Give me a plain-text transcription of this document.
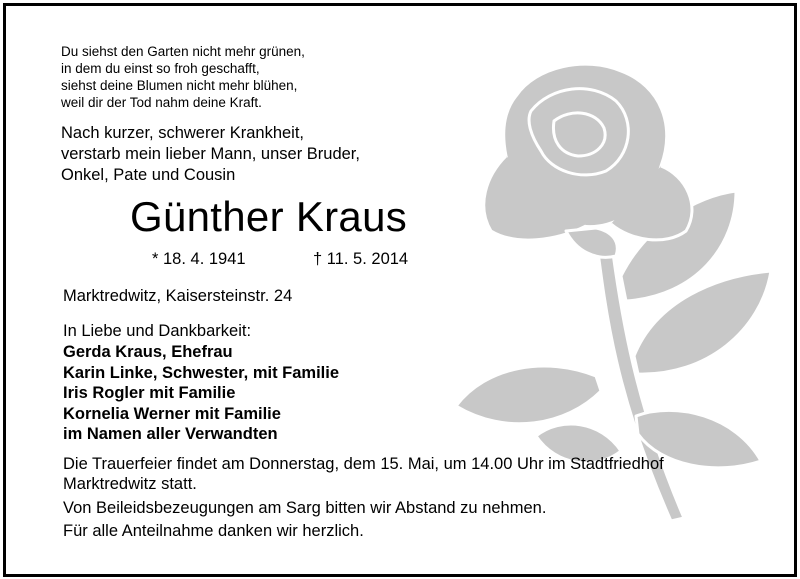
Du siehst den Garten nicht mehr grünen,
in dem du einst so froh geschafft,
siehst deine Blumen nicht mehr blühen,
weil dir der Tod nahm deine Kraft.
Nach kurzer, schwerer Krankheit,
verstarb mein lieber Mann, unser Bruder,
Onkel, Pate und Cousin
Günther Kraus
* 18. 4. 1941	† 11. 5. 2014
Marktredwitz, Kaisersteinstr. 24
In Liebe und Dankbarkeit:
Gerda Kraus, Ehefrau
Karin Linke, Schwester, mit Familie
Iris Rogler mit Familie
Kornelia Werner mit Familie
im Namen aller Verwandten
Die Trauerfeier findet am Donnerstag, dem 15. Mai, um 14.00 Uhr im Stadtfriedhof
Marktredwitz statt.
Von Beileidsbezeugungen am Sarg bitten wir Abstand zu nehmen.
Für alle Anteilnahme danken wir herzlich.
